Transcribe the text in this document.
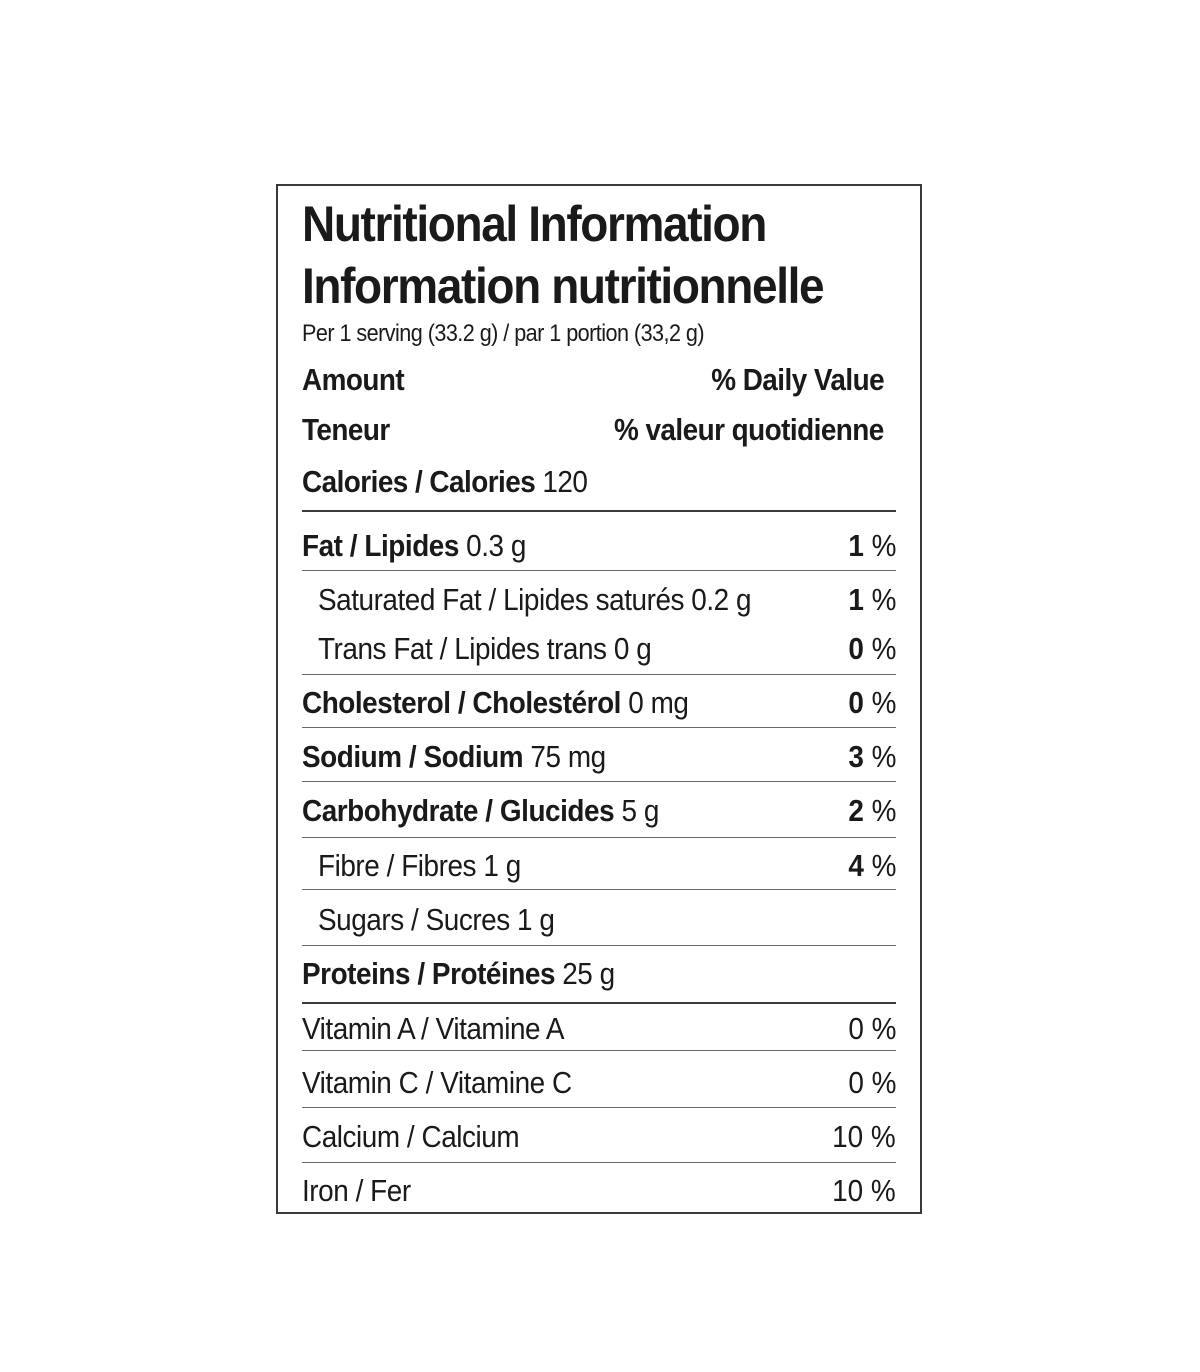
Nutritional Information
Information nutritionnelle
Per 1 serving (33.2 g) / par 1 portion (33,2 g)
Amount	% Daily Value
Teneur	% valeur quotidienne
Calories / Calories 120
Fat / Lipides 0.3 g	1 %
Saturated Fat / Lipides saturés 0.2 g	1 %
Trans Fat / Lipides trans 0 g	0 %
Cholesterol / Cholestérol 0 mg	0 %
Sodium / Sodium 75 mg	3 %
Carbohydrate / Glucides 5 g	2 %
Fibre / Fibres 1 g	4 %
Sugars / Sucres 1 g
Proteins / Protéines 25 g
Vitamin A / Vitamine A	0 %
Vitamin C / Vitamine C	0 %
Calcium / Calcium	10 %
Iron / Fer	10 %
